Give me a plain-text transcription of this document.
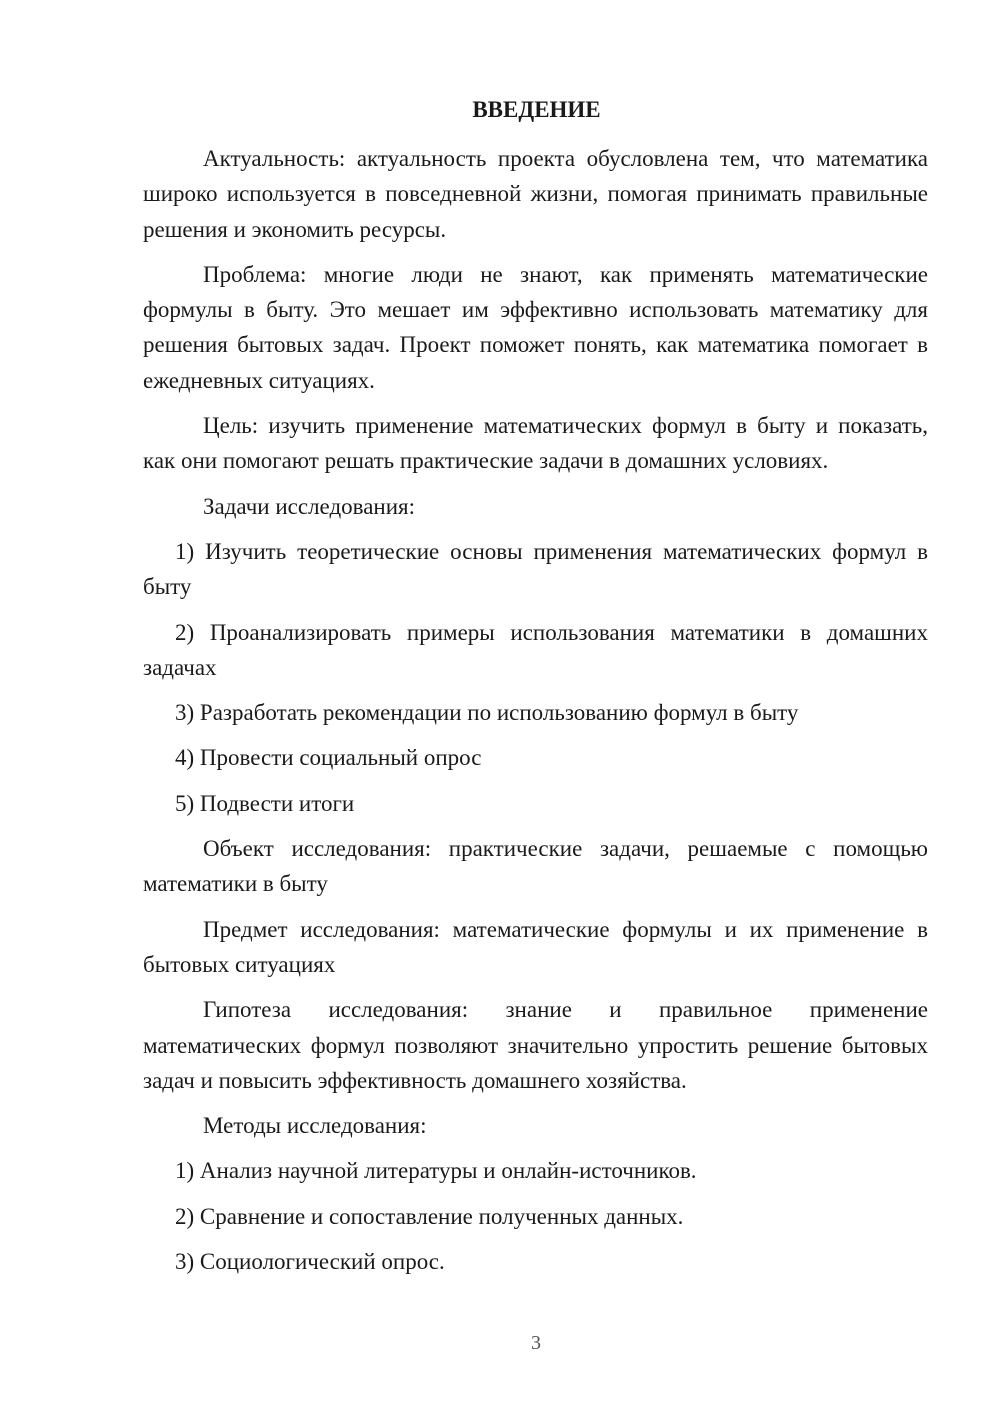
ВВЕДЕНИЕ

Актуальность: актуальность проекта обусловлена тем, что математика широко используется в повседневной жизни, помогая принимать правильные решения и экономить ресурсы.

Проблема: многие люди не знают, как применять математические формулы в быту. Это мешает им эффективно использовать математику для решения бытовых задач. Проект поможет понять, как математика помогает в ежедневных ситуациях.

Цель: изучить применение математических формул в быту и показать, как они помогают решать практические задачи в домашних условиях.

Задачи исследования:

1) Изучить теоретические основы применения математических формул в быту

2) Проанализировать примеры использования математики в домашних задачах

3) Разработать рекомендации по использованию формул в быту

4) Провести социальный опрос

5) Подвести итоги

Объект исследования: практические задачи, решаемые с помощью математики в быту

Предмет исследования: математические формулы и их применение в бытовых ситуациях

Гипотеза исследования: знание и правильное применение математических формул позволяют значительно упростить решение бытовых задач и повысить эффективность домашнего хозяйства.

Методы исследования:

1) Анализ научной литературы и онлайн-источников.

2) Сравнение и сопоставление полученных данных.

3) Социологический опрос.

3
